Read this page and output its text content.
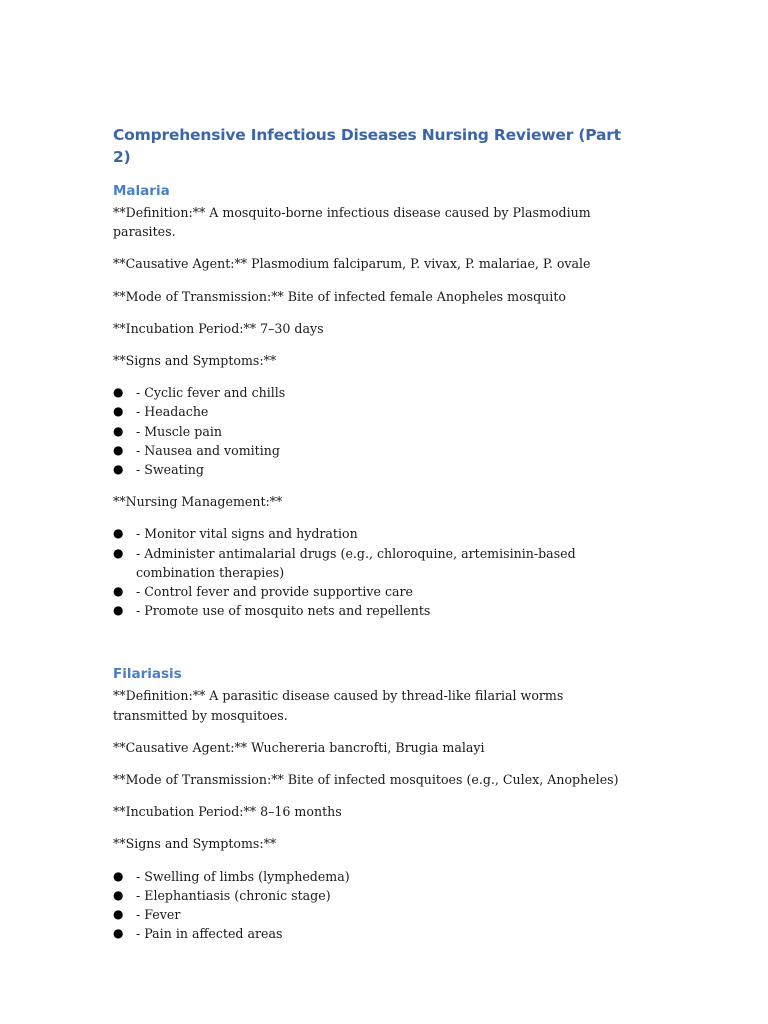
Comprehensive Infectious Diseases Nursing Reviewer (Part 2)
Malaria

**Definition:** A mosquito-borne infectious disease caused by Plasmodium parasites.

**Causative Agent:** Plasmodium falciparum, P. vivax, P. malariae, P. ovale

**Mode of Transmission:** Bite of infected female Anopheles mosquito

**Incubation Period:** 7–30 days

**Signs and Symptoms:**

● - Cyclic fever and chills
● - Headache
● - Muscle pain
● - Nausea and vomiting
● - Sweating

**Nursing Management:**

● - Monitor vital signs and hydration
● - Administer antimalarial drugs (e.g., chloroquine, artemisinin-based combination therapies)
● - Control fever and provide supportive care
● - Promote use of mosquito nets and repellents
Filariasis

**Definition:** A parasitic disease caused by thread-like filarial worms transmitted by mosquitoes.

**Causative Agent:** Wuchereria bancrofti, Brugia malayi

**Mode of Transmission:** Bite of infected mosquitoes (e.g., Culex, Anopheles)

**Incubation Period:** 8–16 months

**Signs and Symptoms:**

● - Swelling of limbs (lymphedema)
● - Elephantiasis (chronic stage)
● - Fever
● - Pain in affected areas
